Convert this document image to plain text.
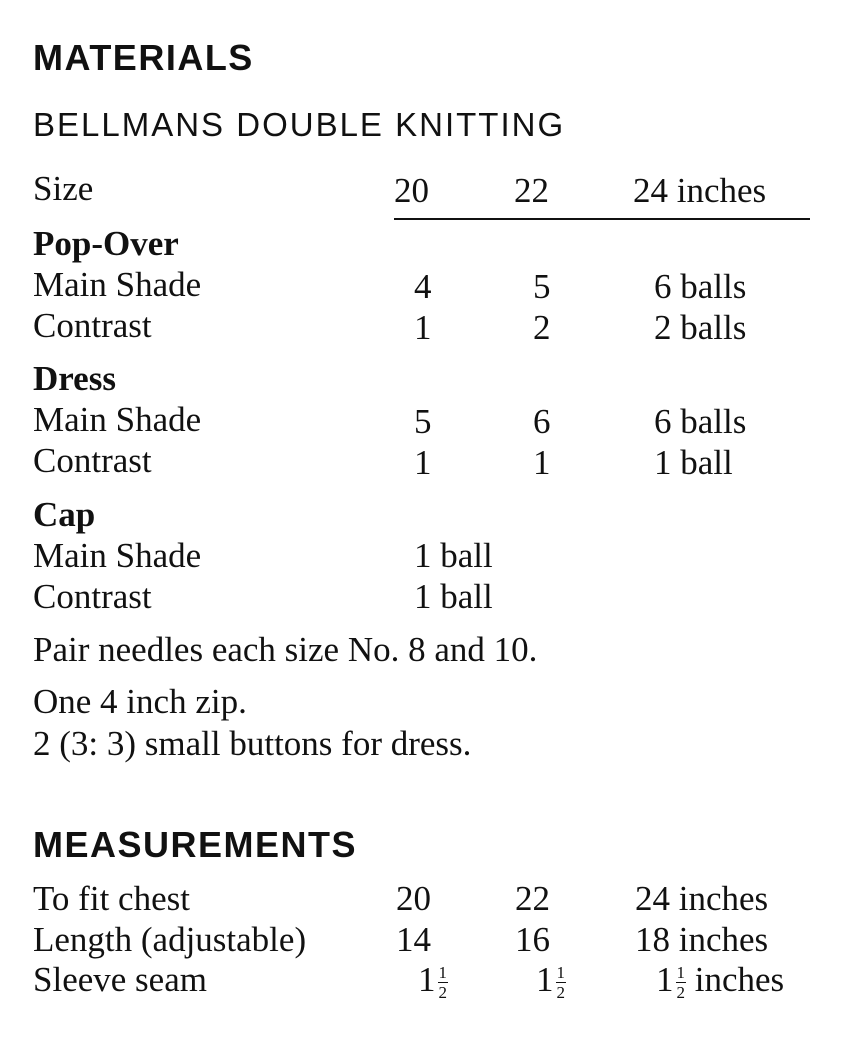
MATERIALS
BELLMANS DOUBLE KNITTING
Size	20 22 24 inches
Pop-Over
Main Shade	4	5	6 balls
Contrast	1	2	2 balls
Dress
Main Shade	5	6	6 balls
Contrast	1	1	1 ball
Cap
Main Shade	1 ball
Contrast	1 ball
Pair needles each size No. 8 and 10.
One 4 inch zip.
2 (3: 3) small buttons for dress.
MEASUREMENTS
To fit chest	20 22 24 inches
Length (adjustable)	14 16 18 inches
Sleeve seam	$1 \frac{1}{2}$	$1 \frac{1}{2}$	$1 \frac{1}{2}$ inches
